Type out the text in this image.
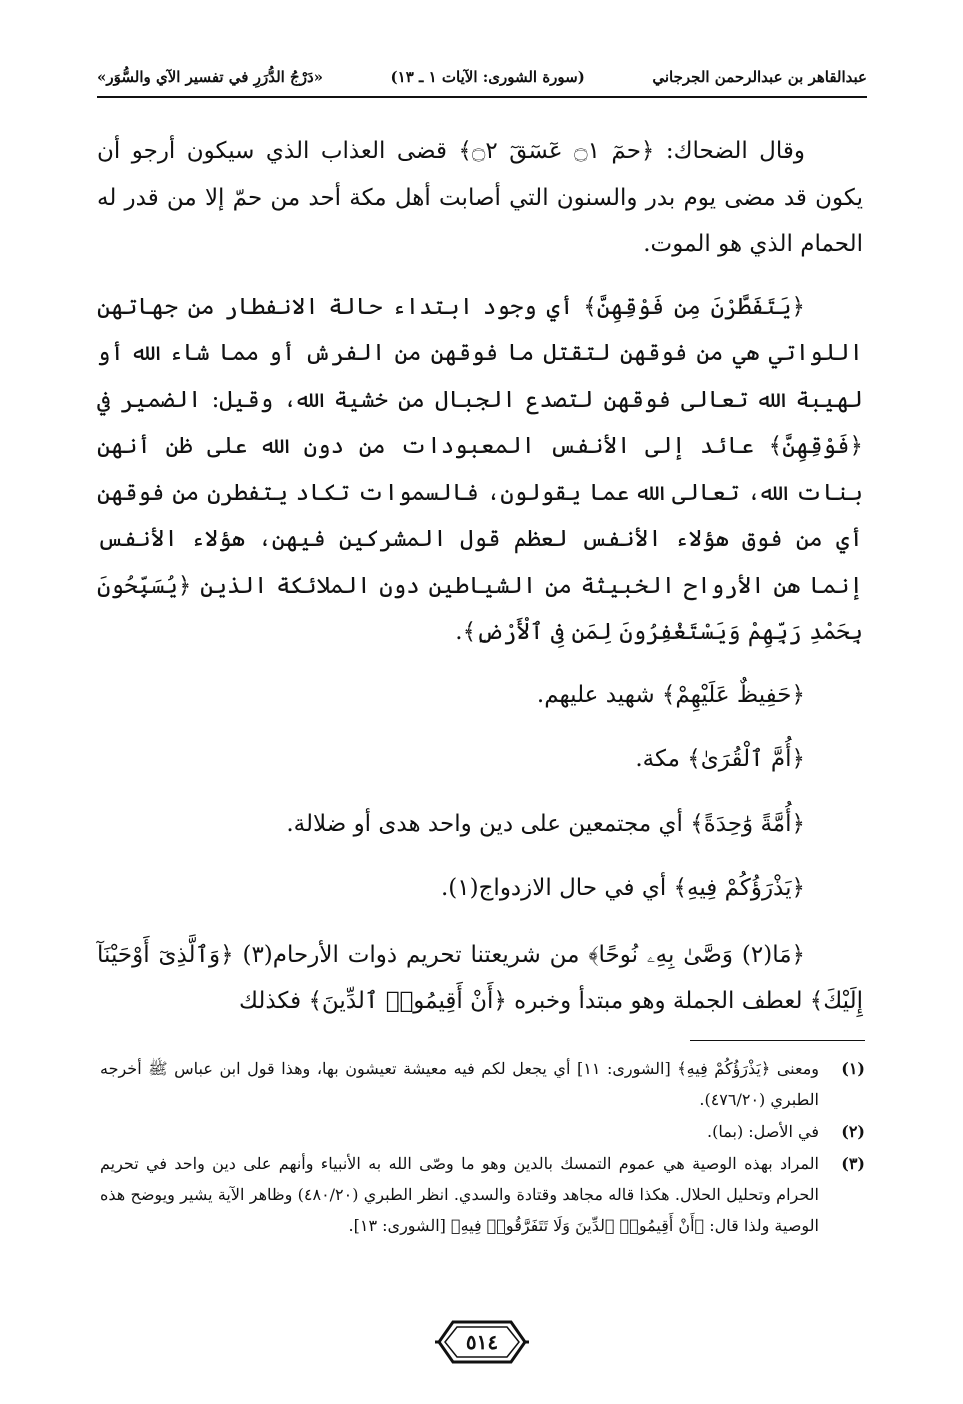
عبدالقاهر بن عبدالرحمن الجرجاني
(سورة الشورى: الآيات ١ ـ ١٣)
«دَرْجُ الدُّرَرِ في تفسير الآي والسُّوَر»

وقال الضحاك: ﴿حمٓ ۝١ عٓسٓقٓ ۝٢﴾ قضى العذاب الذي سيكون أرجو أن يكون قد مضى يوم بدر والسنون التي أصابت أهل مكة أحد من حمّ إلا من قدر له الحمام الذي هو الموت.

﴿يَتَفَطَّرْنَ مِن فَوْقِهِنَّ﴾ أي وجود ابتداء حالة الانفطار من جهاتهن اللواتي هي من فوقهن لتقتل ما فوقهن من الفرش أو مما شاء الله أو لهيبة الله تعالى فوقهن لتصدع الجبال من خشية الله، وقيل: الضمير في ﴿فَوْقِهِنَّ﴾ عائد إلى الأنفس المعبودات من دون الله على ظن أنهن بنات الله، تعالى الله عما يقولون، فالسموات تكاد يتفطرن من فوقهن أي من فوق هؤلاء الأنفس لعظم قول المشركين فيهن، هؤلاء الأنفس إنما هن الأرواح الخبيثة من الشياطين دون الملائكة الذين ﴿يُسَبِّحُونَ بِحَمْدِ رَبِّهِمْ وَيَسْتَغْفِرُونَ لِمَن فِى ٱلْأَرْضِ﴾.

﴿حَفِيظٌ عَلَيْهِمْ﴾ شهيد عليهم.

﴿أُمَّ ٱلْقُرَىٰ﴾ مكة.

﴿أُمَّةً وَٰحِدَةً﴾ أي مجتمعين على دين واحد هدى أو ضلالة.

﴿يَذْرَؤُكُمْ فِيهِ﴾ أي في حال الازدواج(١).

﴿مَا(٢) وَصَّىٰ بِهِۦ نُوحًا﴾ من شريعتنا تحريم ذوات الأرحام(٣) ﴿وَٱلَّذِىٓ أَوْحَيْنَآ إِلَيْكَ﴾ لعطف الجملة وهو مبتدأ وخبره ﴿أَنْ أَقِيمُوا۟ ٱلدِّينَ﴾ فكذلك

(١)
ومعنى ﴿يَذْرَؤُكُمْ فِيهِ﴾ [الشورى: ١١] أي يجعل لكم فيه معيشة تعيشون بها، وهذا قول ابن عباس ﷺ أخرجه الطبري (٤٧٦/٢٠).
(٢)
في الأصل: (بما).
(٣)
المراد بهذه الوصية هي عموم التمسك بالدين وهو ما وصّى الله به الأنبياء وأنهم على دين واحد في تحريم الحرام وتحليل الحلال. هكذا قاله مجاهد وقتادة والسدي. انظر الطبري (٤٨٠/٢٠) وظاهر الآية يشير ويوضح هذه الوصية ولذا قال: ﴿أَنْ أَقِيمُوا۟ ٱلدِّينَ وَلَا تَتَفَرَّقُوا۟ فِيهِ﴾ [الشورى: ١٣].
٥١٤
